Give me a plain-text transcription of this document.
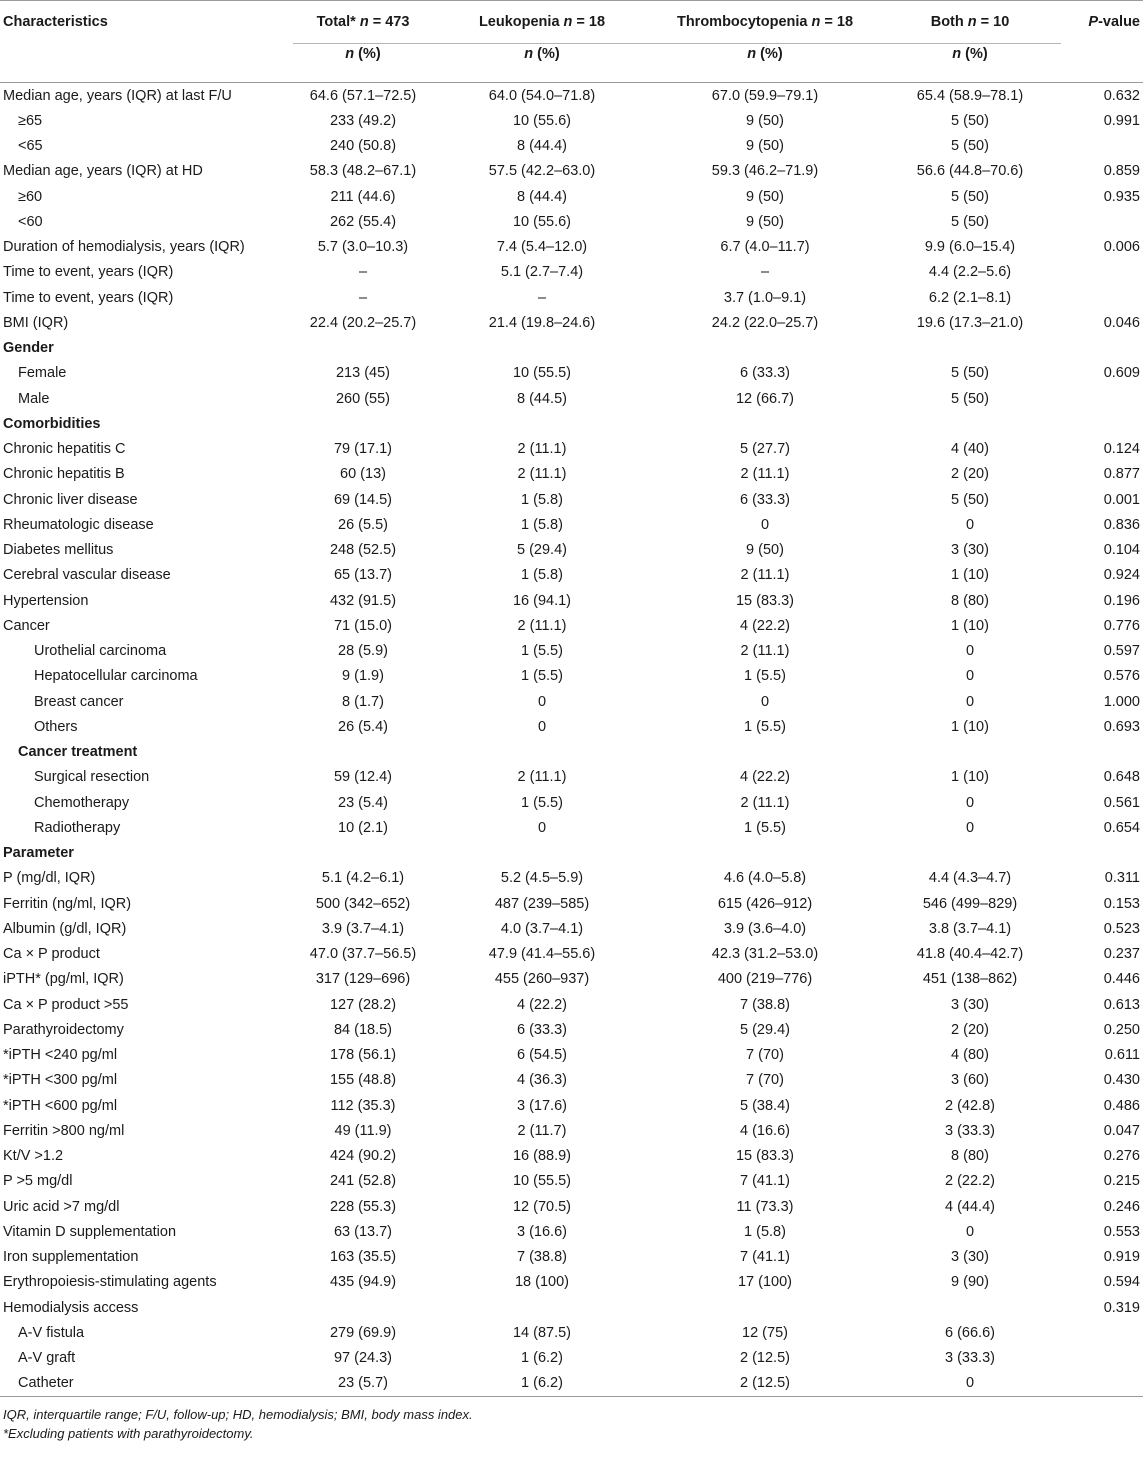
Characteristics	Total* n = 473	Leukopenia n = 18	Thrombocytopenia n = 18	Both n = 10	P-value
	n (%)	n (%)	n (%)	n (%)	
Median age, years (IQR) at last F/U	64.6 (57.1–72.5)	64.0 (54.0–71.8)	67.0 (59.9–79.1)	65.4 (58.9–78.1)	0.632
≥65	233 (49.2)	10 (55.6)	9 (50)	5 (50)	0.991
<65	240 (50.8)	8 (44.4)	9 (50)	5 (50)	
Median age, years (IQR) at HD	58.3 (48.2–67.1)	57.5 (42.2–63.0)	59.3 (46.2–71.9)	56.6 (44.8–70.6)	0.859
≥60	211 (44.6)	8 (44.4)	9 (50)	5 (50)	0.935
<60	262 (55.4)	10 (55.6)	9 (50)	5 (50)	
Duration of hemodialysis, years (IQR)	5.7 (3.0–10.3)	7.4 (5.4–12.0)	6.7 (4.0–11.7)	9.9 (6.0–15.4)	0.006
Time to event, years (IQR)	–	5.1 (2.7–7.4)	–	4.4 (2.2–5.6)	
Time to event, years (IQR)	–	–	3.7 (1.0–9.1)	6.2 (2.1–8.1)	
BMI (IQR)	22.4 (20.2–25.7)	21.4 (19.8–24.6)	24.2 (22.0–25.7)	19.6 (17.3–21.0)	0.046
Gender					
Female	213 (45)	10 (55.5)	6 (33.3)	5 (50)	0.609
Male	260 (55)	8 (44.5)	12 (66.7)	5 (50)	
Comorbidities					
Chronic hepatitis C	79 (17.1)	2 (11.1)	5 (27.7)	4 (40)	0.124
Chronic hepatitis B	60 (13)	2 (11.1)	2 (11.1)	2 (20)	0.877
Chronic liver disease	69 (14.5)	1 (5.8)	6 (33.3)	5 (50)	0.001
Rheumatologic disease	26 (5.5)	1 (5.8)	0	0	0.836
Diabetes mellitus	248 (52.5)	5 (29.4)	9 (50)	3 (30)	0.104
Cerebral vascular disease	65 (13.7)	1 (5.8)	2 (11.1)	1 (10)	0.924
Hypertension	432 (91.5)	16 (94.1)	15 (83.3)	8 (80)	0.196
Cancer	71 (15.0)	2 (11.1)	4 (22.2)	1 (10)	0.776
Urothelial carcinoma	28 (5.9)	1 (5.5)	2 (11.1)	0	0.597
Hepatocellular carcinoma	9 (1.9)	1 (5.5)	1 (5.5)	0	0.576
Breast cancer	8 (1.7)	0	0	0	1.000
Others	26 (5.4)	0	1 (5.5)	1 (10)	0.693
Cancer treatment					
Surgical resection	59 (12.4)	2 (11.1)	4 (22.2)	1 (10)	0.648
Chemotherapy	23 (5.4)	1 (5.5)	2 (11.1)	0	0.561
Radiotherapy	10 (2.1)	0	1 (5.5)	0	0.654
Parameter					
P (mg/dl, IQR)	5.1 (4.2–6.1)	5.2 (4.5–5.9)	4.6 (4.0–5.8)	4.4 (4.3–4.7)	0.311
Ferritin (ng/ml, IQR)	500 (342–652)	487 (239–585)	615 (426–912)	546 (499–829)	0.153
Albumin (g/dl, IQR)	3.9 (3.7–4.1)	4.0 (3.7–4.1)	3.9 (3.6–4.0)	3.8 (3.7–4.1)	0.523
Ca × P product	47.0 (37.7–56.5)	47.9 (41.4–55.6)	42.3 (31.2–53.0)	41.8 (40.4–42.7)	0.237
iPTH* (pg/ml, IQR)	317 (129–696)	455 (260–937)	400 (219–776)	451 (138–862)	0.446
Ca × P product >55	127 (28.2)	4 (22.2)	7 (38.8)	3 (30)	0.613
Parathyroidectomy	84 (18.5)	6 (33.3)	5 (29.4)	2 (20)	0.250
*iPTH <240 pg/ml	178 (56.1)	6 (54.5)	7 (70)	4 (80)	0.611
*iPTH <300 pg/ml	155 (48.8)	4 (36.3)	7 (70)	3 (60)	0.430
*iPTH <600 pg/ml	112 (35.3)	3 (17.6)	5 (38.4)	2 (42.8)	0.486
Ferritin >800 ng/ml	49 (11.9)	2 (11.7)	4 (16.6)	3 (33.3)	0.047
Kt/V >1.2	424 (90.2)	16 (88.9)	15 (83.3)	8 (80)	0.276
P >5 mg/dl	241 (52.8)	10 (55.5)	7 (41.1)	2 (22.2)	0.215
Uric acid >7 mg/dl	228 (55.3)	12 (70.5)	11 (73.3)	4 (44.4)	0.246
Vitamin D supplementation	63 (13.7)	3 (16.6)	1 (5.8)	0	0.553
Iron supplementation	163 (35.5)	7 (38.8)	7 (41.1)	3 (30)	0.919
Erythropoiesis-stimulating agents	435 (94.9)	18 (100)	17 (100)	9 (90)	0.594
Hemodialysis access					0.319
A-V fistula	279 (69.9)	14 (87.5)	12 (75)	6 (66.6)	
A-V graft	97 (24.3)	1 (6.2)	2 (12.5)	3 (33.3)	
Catheter	23 (5.7)	1 (6.2)	2 (12.5)	0	
IQR, interquartile range; F/U, follow-up; HD, hemodialysis; BMI, body mass index.
*Excluding patients with parathyroidectomy.
